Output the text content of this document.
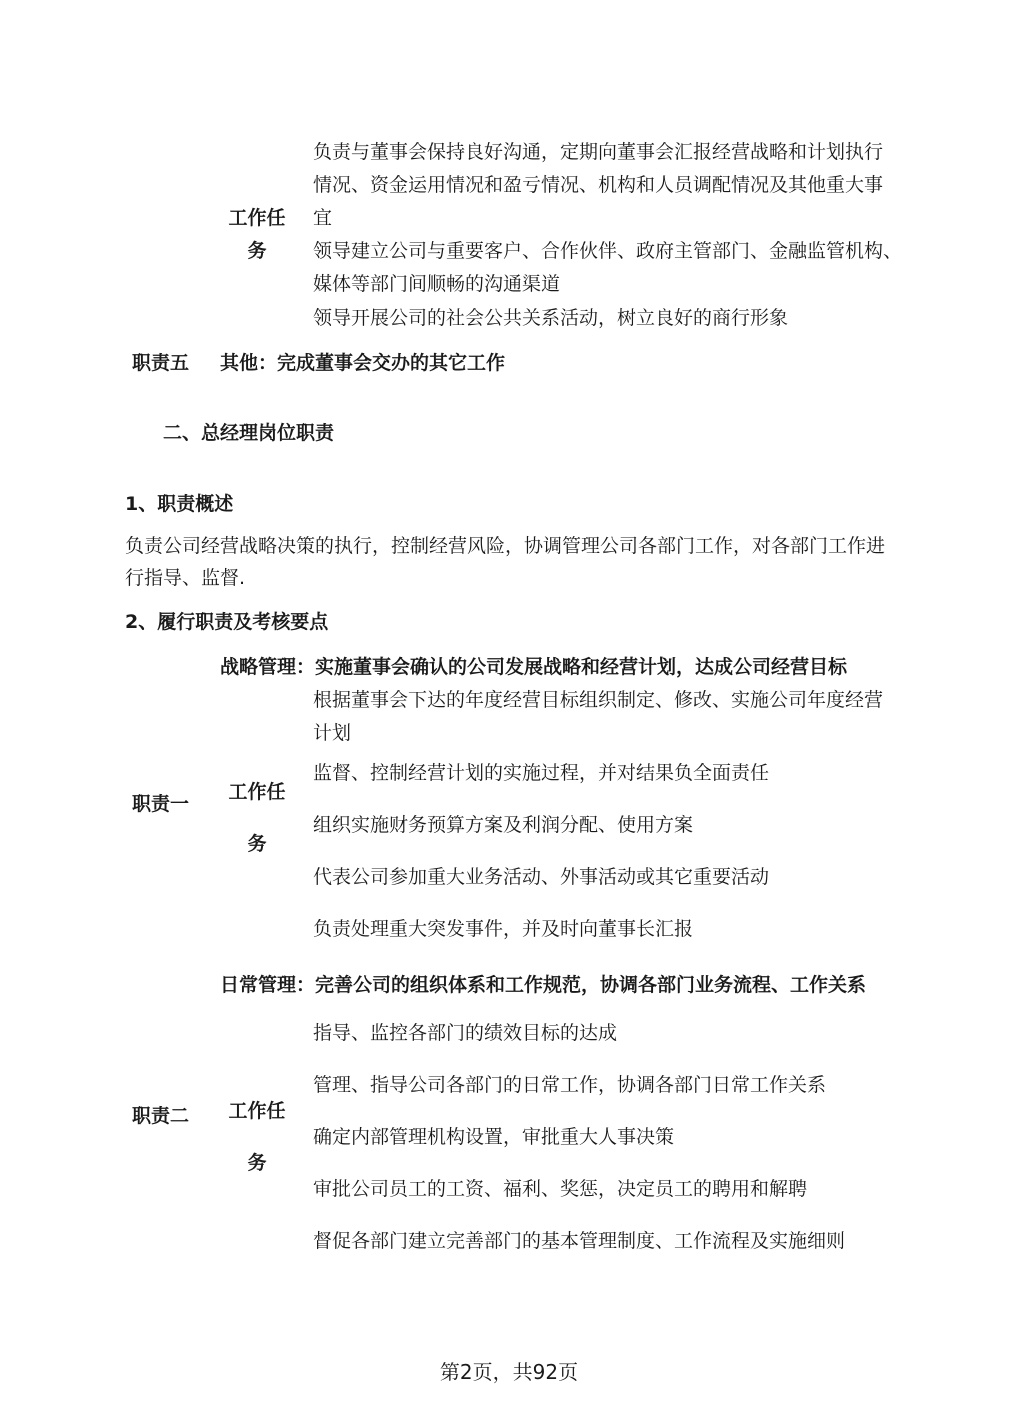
工作任
务
负责与董事会保持良好沟通，定期向董事会汇报经营战略和计划执行
情况、资金运用情况和盈亏情况、机构和人员调配情况及其他重大事
宜
领导建立公司与重要客户、合作伙伴、政府主管部门、金融监管机构、
媒体等部门间顺畅的沟通渠道
领导开展公司的社会公共关系活动，树立良好的商行形象
职责五 其他：完成董事会交办的其它工作
二、总经理岗位职责
1、职责概述
负责公司经营战略决策的执行，控制经营风险，协调管理公司各部门工作，对各部门工作进
行指导、监督.
2、履行职责及考核要点
战略管理：实施董事会确认的公司发展战略和经营计划，达成公司经营目标
职责一
工作任
务
根据董事会下达的年度经营目标组织制定、修改、实施公司年度经营
计划
监督、控制经营计划的实施过程，并对结果负全面责任
组织实施财务预算方案及利润分配、使用方案
代表公司参加重大业务活动、外事活动或其它重要活动
负责处理重大突发事件，并及时向董事长汇报
日常管理：完善公司的组织体系和工作规范，协调各部门业务流程、工作关系
职责二 工作任
务
指导、监控各部门的绩效目标的达成
管理、指导公司各部门的日常工作，协调各部门日常工作关系
确定内部管理机构设置，审批重大人事决策
审批公司员工的工资、福利、奖惩，决定员工的聘用和解聘
督促各部门建立完善部门的基本管理制度、工作流程及实施细则
第2页，共92页
